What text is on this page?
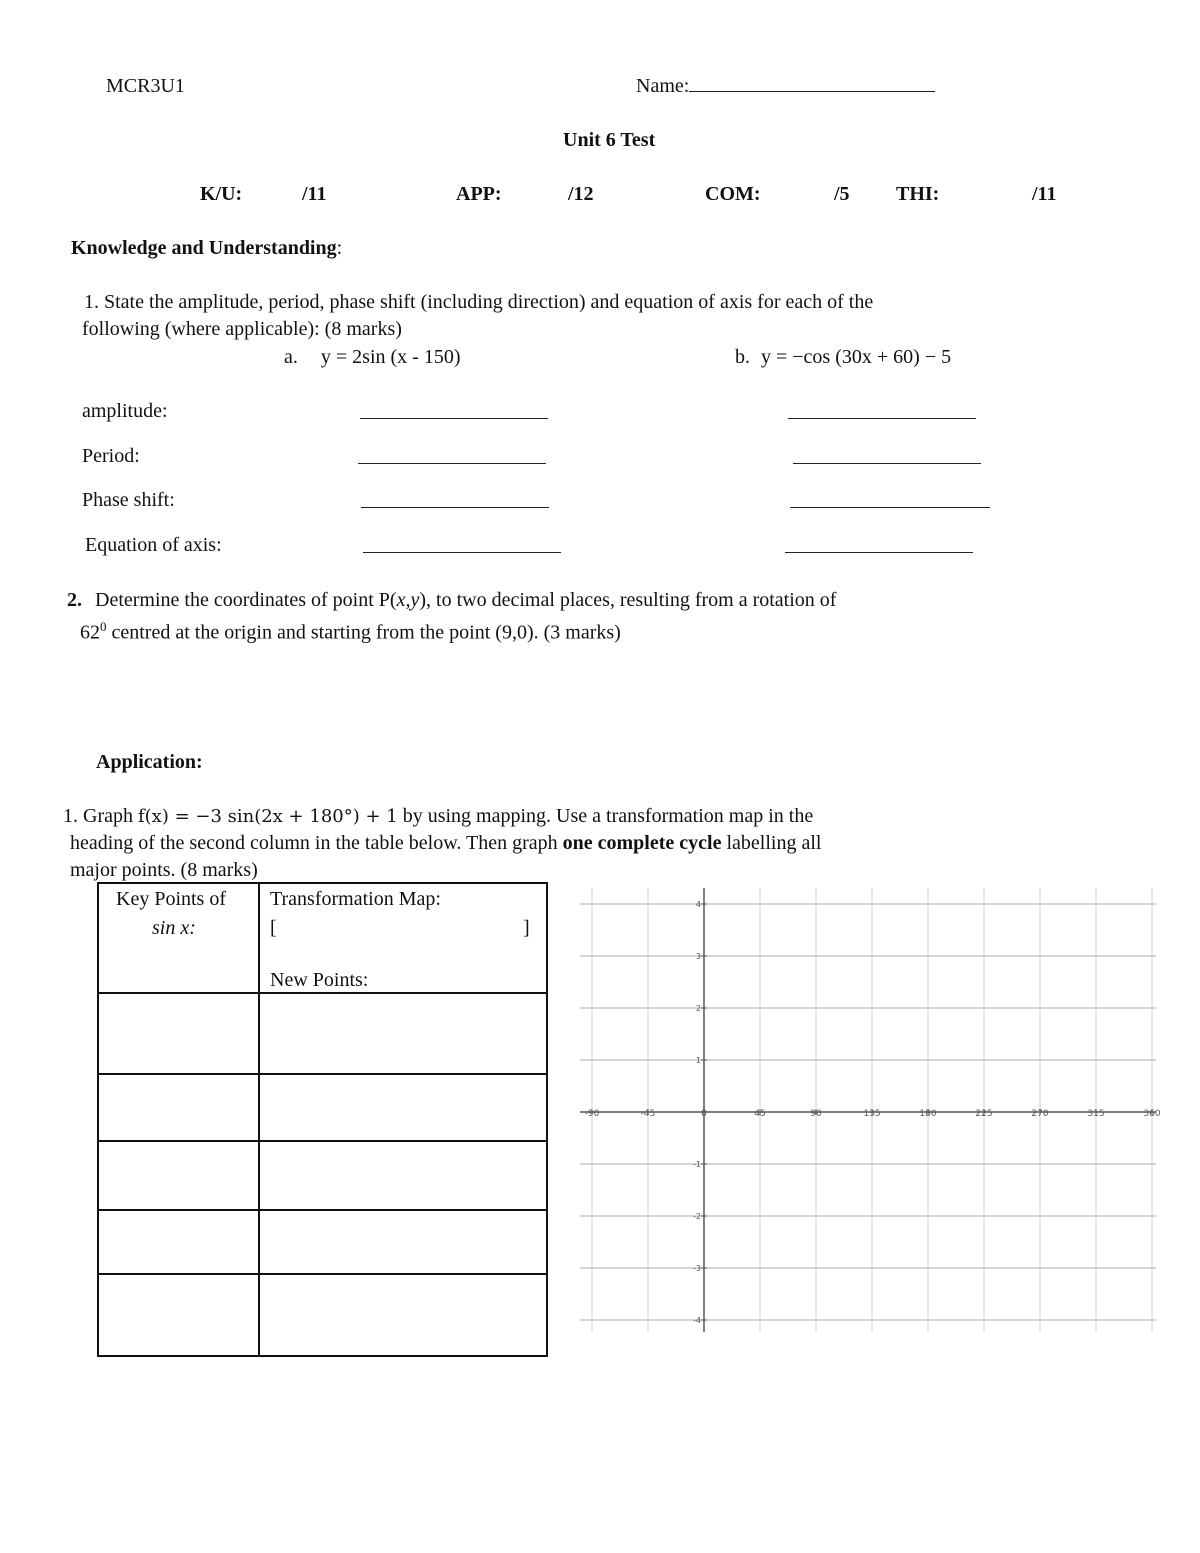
MCR3U1	Name:
Unit 6 Test
K/U:	/11	APP:	/12	COM:	/5 THI:	/11
Knowledge and Understanding:
1. State the amplitude, period, phase shift (including direction) and equation of axis for each of the
following (where applicable): (8 marks)
a. y = 2sin (x - 150)	b. y = −cos (30x + 60) − 5
amplitude:
Period:
Phase shift:
Equation of axis:
2. Determine the coordinates of point P(x,y), to two decimal places, resulting from a rotation of
$62^0$ centred at the origin and starting from the point (9,0). (3 marks)
Application:
1. Graph f(x) = −3 sin(2x + 180°) + 1 by using mapping. Use a transformation map in the
heading of the second column in the table below. Then graph one complete cycle labelling all
major points. (8 marks)
Key Points of
sin x:
Transformation Map:
[	]
New Points:
-90	-45	0	45	90	135	180	225	270	315	360
4
3
2
1
-1
-2
-3
-4
